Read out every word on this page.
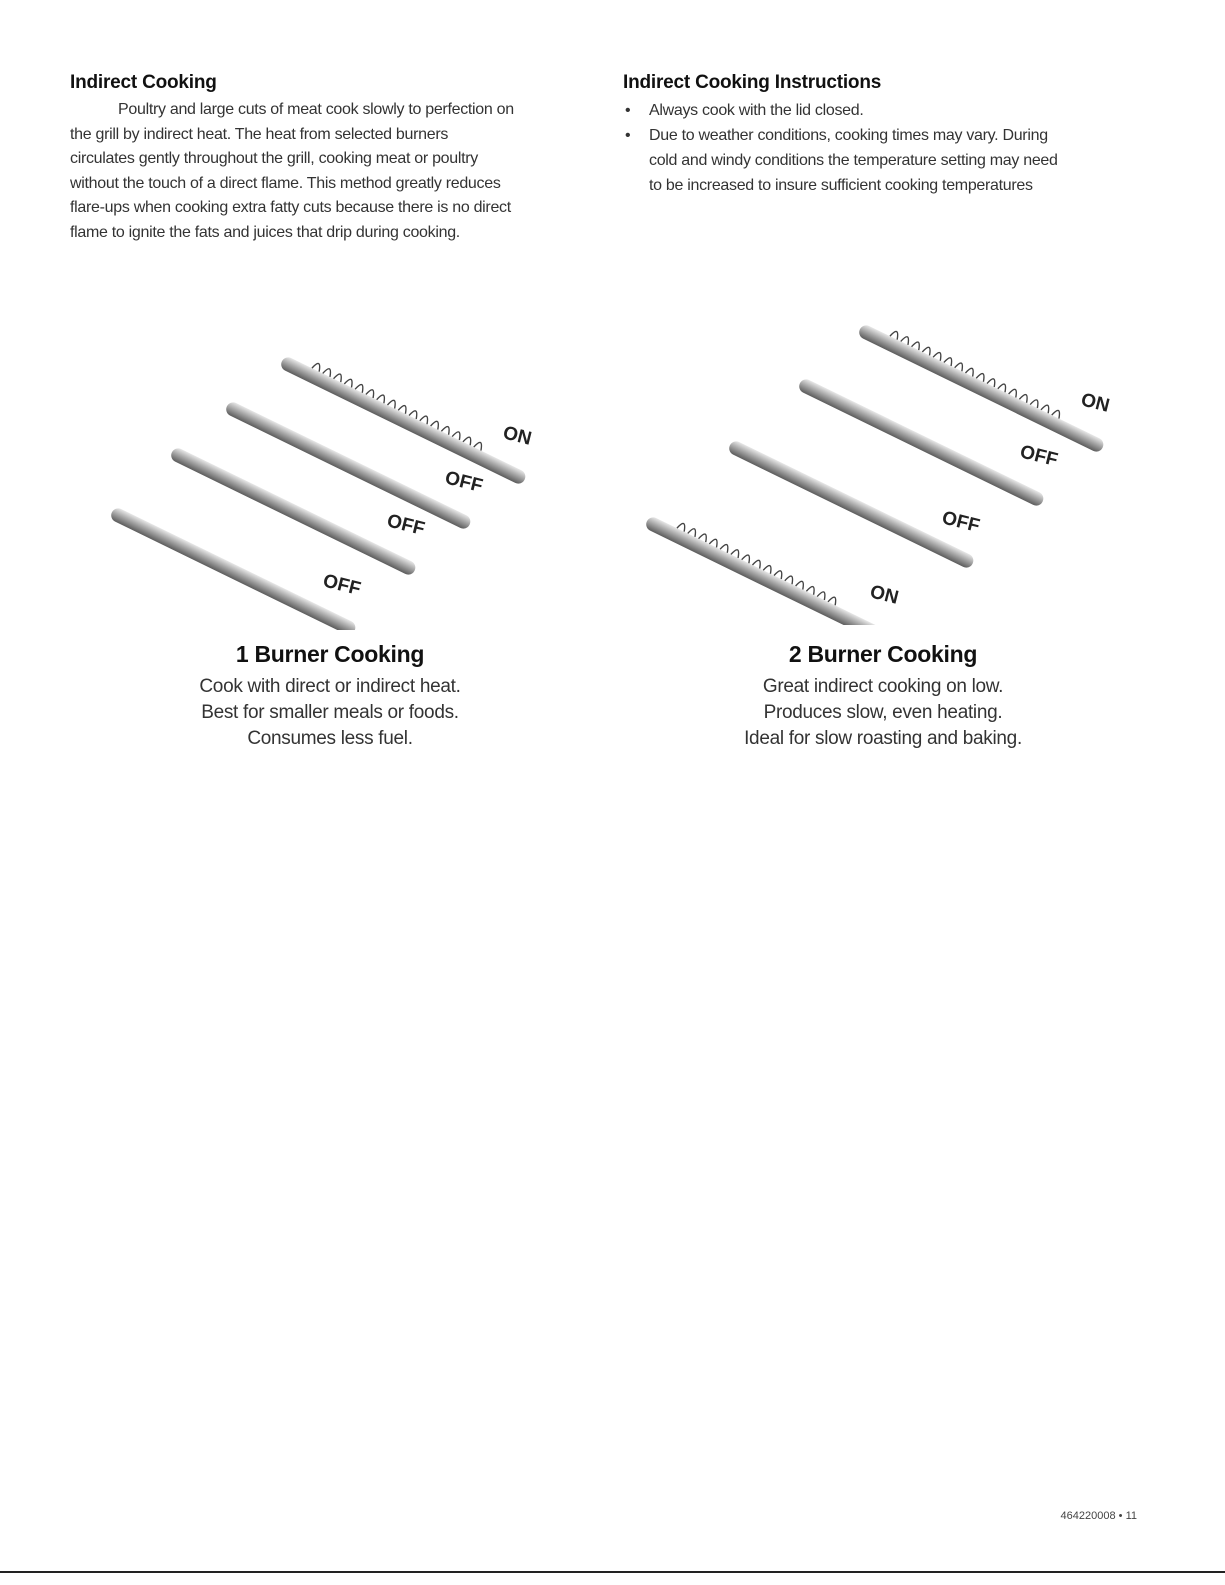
Indirect Cooking

Poultry and large cuts of meat cook slowly to perfection on
the grill by indirect heat. The heat from selected burners
circulates gently throughout the grill, cooking meat or poultry
without the touch of a direct flame. This method greatly reduces
flare-ups when cooking extra fatty cuts because there is no direct
flame to ignite the fats and juices that drip during cooking.

Indirect Cooking Instructions
• Always cook with the lid closed.
• Due to weather conditions, cooking times may vary. During
cold and windy conditions the temperature setting may need
to be increased to insure sufficient cooking temperatures
ON
OFF
OFF
OFF
ON
OFF
OFF
ON
1 Burner Cooking
Cook with direct or indirect heat.
Best for smaller meals or foods.
Consumes less fuel.
2 Burner Cooking
Great indirect cooking on low.
Produces slow, even heating.
Ideal for slow roasting and baking.
464220008 • 11
